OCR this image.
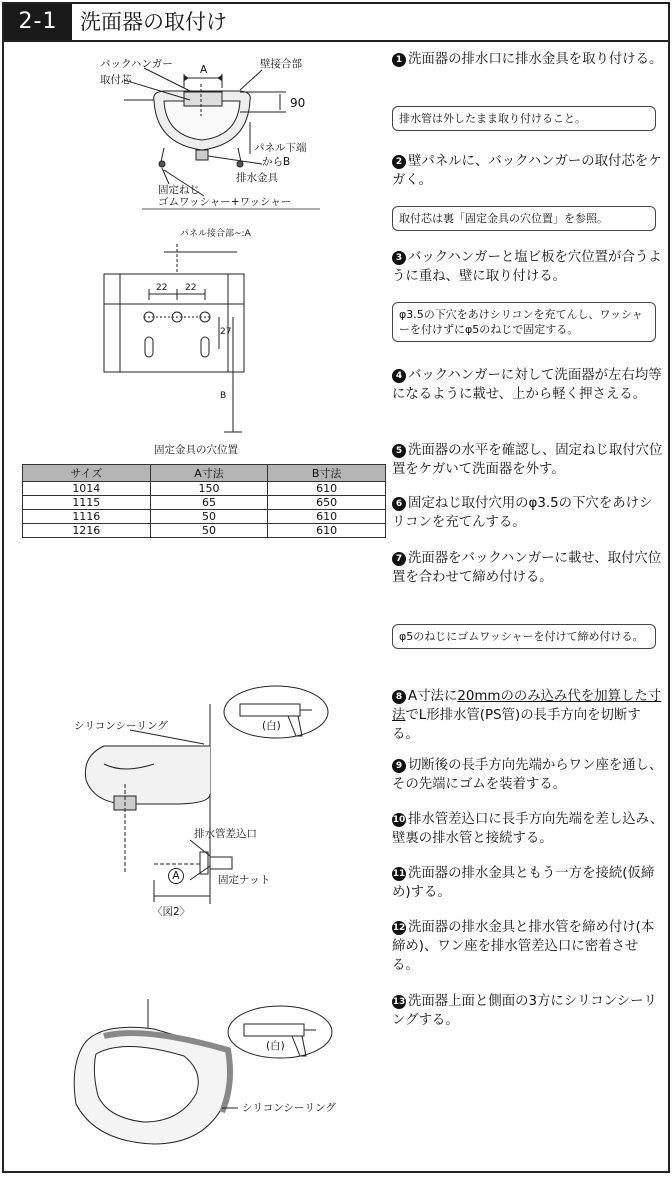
2-1	洗面器の取付け
バックハンガー	壁接合部
取付芯
A
90
パネル下端
からB
排水金具
固定ねじ
ゴムワッシャー+ワッシャー
パネル接合部~:A
22 22
27
B
固定金具の穴位置
サイズ	A寸法	B寸法
1014	150	610
1115	65	650
1116	50	610
1216	50	610
シリコンシーリング	(白)
排水管差込口
固定ナット
A
〈図2〉
(白)
シリコンシーリング
1 洗面器の排水口に排水金具を取り付ける。
排水管は外したまま取り付けること。
2 壁パネルに、バックハンガーの取付芯をケガく。
取付芯は裏「固定金具の穴位置」を参照。
3 バックハンガーと塩ビ板を穴位置が合うように重ね、壁に取り付ける。
φ3.5の下穴をあけシリコンを充てんし、ワッシャーを付けずにφ5のねじで固定する。
4 バックハンガーに対して洗面器が左右均等になるように載せ、上から軽く押さえる。
5 洗面器の水平を確認し、固定ねじ取付穴位置をケガいて洗面器を外す。
6 固定ねじ取付穴用のφ3.5の下穴をあけシリコンを充てんする。
7 洗面器をバックハンガーに載せ、取付穴位置を合わせて締め付ける。
φ5のねじにゴムワッシャーを付けて締め付ける。
8 A寸法に20mmののみ込み代を加算した寸法でL形排水管(PS管)の長手方向を切断する。
9 切断後の長手方向先端からワン座を通し、その先端にゴムを装着する。
10 排水管差込口に長手方向先端を差し込み、壁裏の排水管と接続する。
11 洗面器の排水金具ともう一方を接続(仮締め)する。
12 洗面器の排水金具と排水管を締め付け(本締め)、ワン座を排水管差込口に密着させる。
13 洗面器上面と側面の3方にシリコンシーリングする。
